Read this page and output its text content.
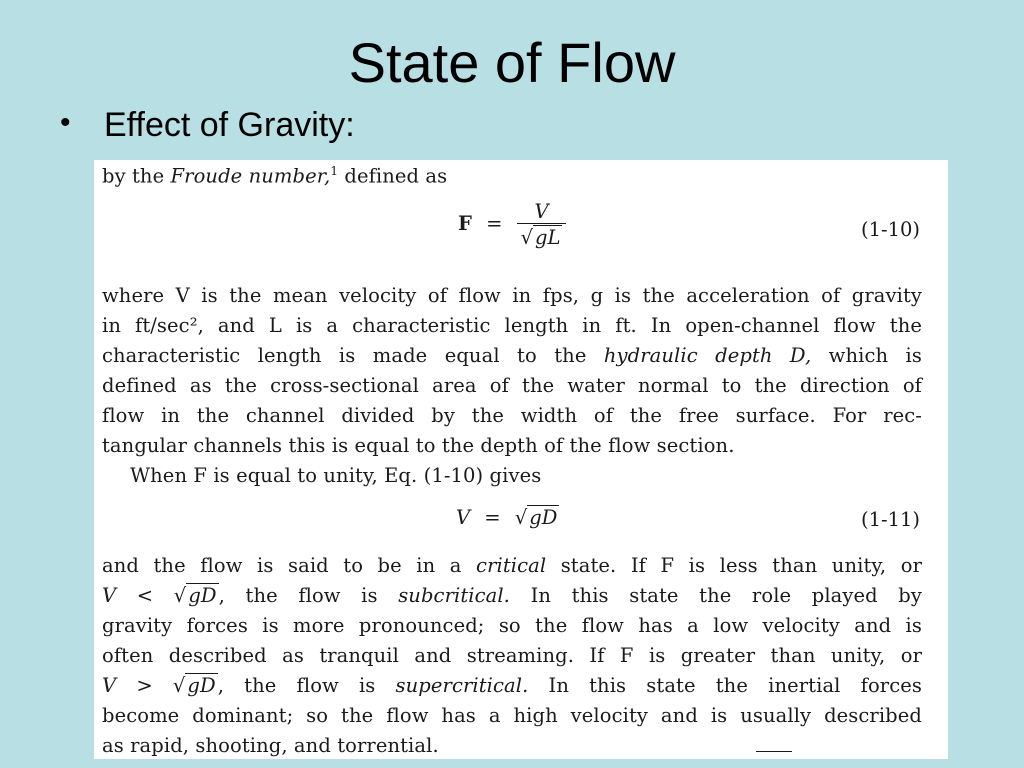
State of Flow
• Effect of Gravity:
by the Froude number,$^1$ defined as
$F = \frac{V}{√ gL}$	(1-10)
where V is the mean velocity of flow in fps, g is the acceleration of gravity
in ft/sec², and L is a characteristic length in ft. In open-channel flow the
characteristic length is made equal to the hydraulic depth D, which is
defined as the cross-sectional area of the water normal to the direction of
flow in the channel divided by the width of the free surface. For rec-
tangular channels this is equal to the depth of the flow section.
When F is equal to unity, Eq. (1-10) gives
V = √ gD	(1-11)
and the flow is said to be in a critical state. If F is less than unity, or
V < √ gD , the flow is subcritical. In this state the role played by
gravity forces is more pronounced; so the flow has a low velocity and is
often described as tranquil and streaming. If F is greater than unity, or
V > √ gD , the flow is supercritical. In this state the inertial forces
become dominant; so the flow has a high velocity and is usually described
as rapid, shooting, and torrential.
